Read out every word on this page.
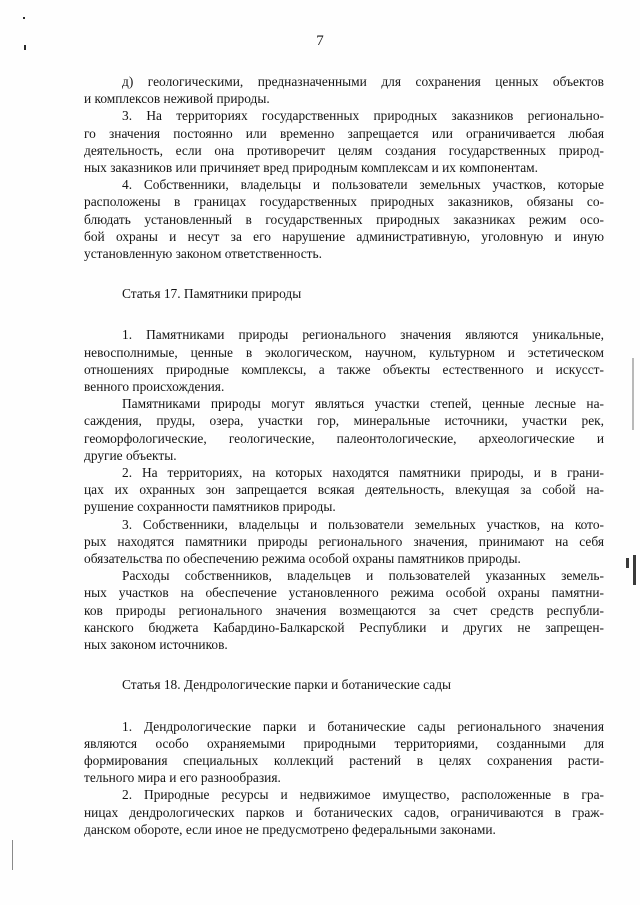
7
д) геологическими, предназначенными для сохранения ценных объектов
и комплексов неживой природы.
3. На территориях государственных природных заказников регионально-
го значения постоянно или временно запрещается или ограничивается любая
деятельность, если она противоречит целям создания государственных природ-
ных заказников или причиняет вред природным комплексам и их компонентам.
4. Собственники, владельцы и пользователи земельных участков, которые
расположены в границах государственных природных заказников, обязаны со-
блюдать установленный в государственных природных заказниках режим осо-
бой охраны и несут за его нарушение административную, уголовную и иную
установленную законом ответственность.
Статья 17. Памятники природы
1. Памятниками природы регионального значения являются уникальные,
невосполнимые, ценные в экологическом, научном, культурном и эстетическом
отношениях природные комплексы, а также объекты естественного и искусст-
венного происхождения.
Памятниками природы могут являться участки степей, ценные лесные на-
саждения, пруды, озера, участки гор, минеральные источники, участки рек,
геоморфологические, геологические, палеонтологические, археологические и
другие объекты.
2. На территориях, на которых находятся памятники природы, и в грани-
цах их охранных зон запрещается всякая деятельность, влекущая за собой на-
рушение сохранности памятников природы.
3. Собственники, владельцы и пользователи земельных участков, на кото-
рых находятся памятники природы регионального значения, принимают на себя
обязательства по обеспечению режима особой охраны памятников природы.
Расходы собственников, владельцев и пользователей указанных земель-
ных участков на обеспечение установленного режима особой охраны памятни-
ков природы регионального значения возмещаются за счет средств республи-
канского бюджета Кабардино-Балкарской Республики и других не запрещен-
ных законом источников.
Статья 18. Дендрологические парки и ботанические сады
1. Дендрологические парки и ботанические сады регионального значения
являются особо охраняемыми природными территориями, созданными для
формирования специальных коллекций растений в целях сохранения расти-
тельного мира и его разнообразия.
2. Природные ресурсы и недвижимое имущество, расположенные в гра-
ницах дендрологических парков и ботанических садов, ограничиваются в граж-
данском обороте, если иное не предусмотрено федеральными законами.
